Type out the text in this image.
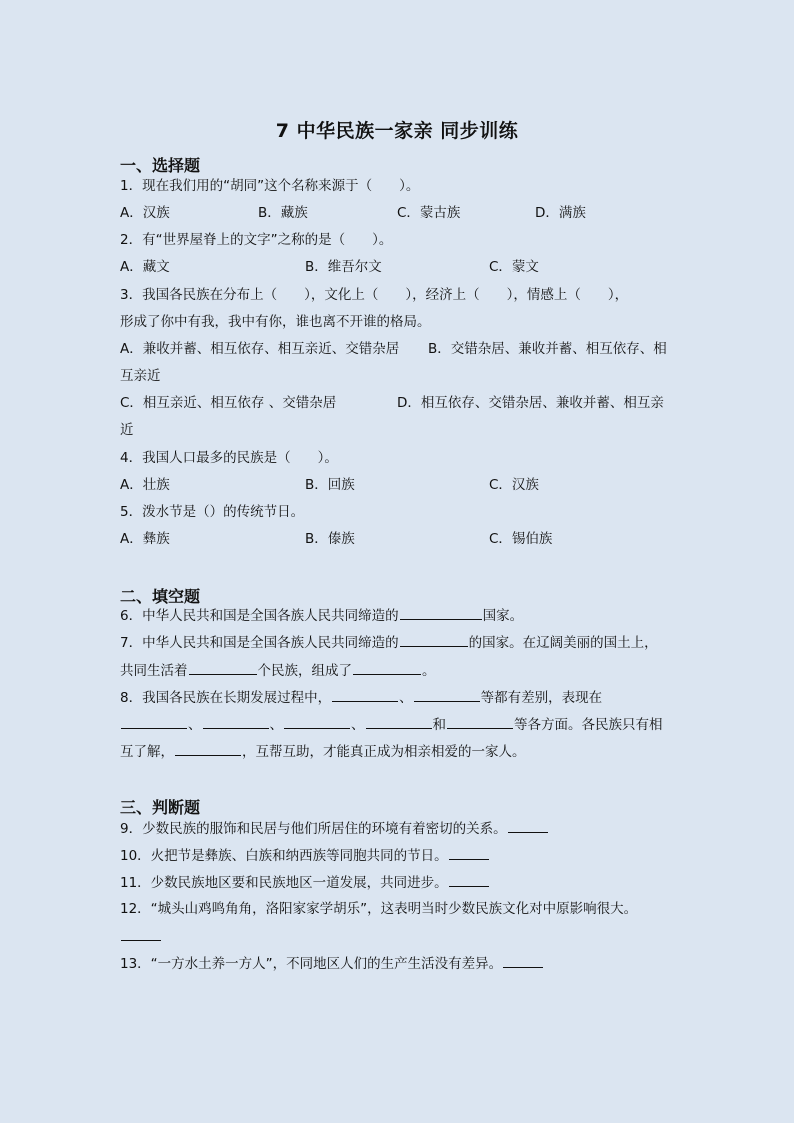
7 中华民族一家亲 同步训练
一、选择题
1．现在我们用的“胡同”这个名称来源于（　　）。
A．汉族	B．藏族	C．蒙古族	D．满族
2．有“世界屋脊上的文字”之称的是（　　）。
A．藏文	B．维吾尔文	C．蒙文
3．我国各民族在分布上（　　），文化上（　　），经济上（　　），情感上（　　），
形成了你中有我，我中有你，谁也离不开谁的格局。
A．兼收并蓄、相互依存、相互亲近、交错杂居 B．交错杂居、兼收并蓄、相互依存、相
互亲近
C．相互亲近、相互依存 、交错杂居	D．相互依存、交错杂居、兼收并蓄、相互亲
近
4．我国人口最多的民族是（　　）。
A．壮族	B．回族	C．汉族
5．泼水节是（）的传统节日。
A．彝族	B．傣族	C．锡伯族
二、填空题
6．中华人民共和国是全国各族人民共同缔造的	国家。
7．中华人民共和国是全国各族人民共同缔造的	的国家。在辽阔美丽的国土上，
共同生活着	个民族，组成了	。
8．我国各民族在长期发展过程中，	、	等都有差别，表现在
、	、	、	和	等各方面。各民族只有相
互了解，	，互帮互助，才能真正成为相亲相爱的一家人。
三、判断题
9．少数民族的服饰和民居与他们所居住的环境有着密切的关系。
10．火把节是彝族、白族和纳西族等同胞共同的节日。
11．少数民族地区要和民族地区一道发展，共同进步。
12．“城头山鸡鸣角角，洛阳家家学胡乐”，这表明当时少数民族文化对中原影响很大。
13．“一方水土养一方人”，不同地区人们的生产生活没有差异。
